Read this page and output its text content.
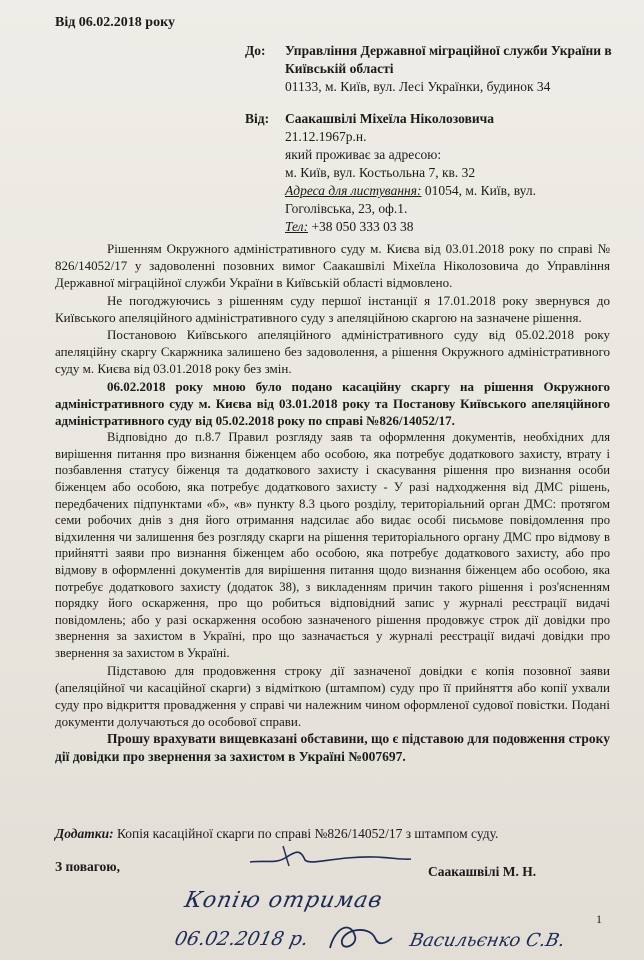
Від 06.02.2018 року
До: Управління Державної міграційної служби України в Київській області
01133, м. Київ, вул. Лесі Українки, будинок 34
Від: Саакашвілі Міхеїла Ніколозовича
21.12.1967р.н.
який проживає за адресою:
м. Київ, вул. Костьольна 7, кв. 32
Адреса для листування: 01054, м. Київ, вул. Гоголівська, 23, оф.1.
Тел: +38 050 333 03 38

Рішенням Окружного адміністративного суду м. Києва від 03.01.2018 року по справі № 826/14052/17 у задоволенні позовних вимог Саакашвілі Міхеїла Ніколозовича до Управління Державної міграційної служби України в Київській області відмовлено.

Не погоджуючись з рішенням суду першої інстанції я 17.01.2018 року звернувся до Київського апеляційного адміністративного суду з апеляційною скаргою на зазначене рішення.

Постановою Київського апеляційного адміністративного суду від 05.02.2018 року апеляційну скаргу Скаржника залишено без задоволення, а рішення Окружного адміністративного суду м. Києва від 03.01.2018 року без змін.

06.02.2018 року мною було подано касаційну скаргу на рішення Окружного адміністративного суду м. Києва від 03.01.2018 року та Постанову Київського апеляційного адміністративного суду від 05.02.2018 року по справі №826/14052/17.

Відповідно до п.8.7 Правил розгляду заяв та оформлення документів, необхідних для вирішення питання про визнання біженцем або особою, яка потребує додаткового захисту, втрату і позбавлення статусу біженця та додаткового захисту і скасування рішення про визнання особи біженцем або особою, яка потребує додаткового захисту - У разі надходження від ДМС рішень, передбачених підпунктами «б», «в» пункту 8.3 цього розділу, територіальний орган ДМС: протягом семи робочих днів з дня його отримання надсилає або видає особі письмове повідомлення про відхилення чи залишення без розгляду скарги на рішення територіального органу ДМС про відмову в прийнятті заяви про визнання біженцем або особою, яка потребує додаткового захисту, або про відмову в оформленні документів для вирішення питання щодо визнання біженцем або особою, яка потребує додаткового захисту (додаток 38), з викладенням причин такого рішення і роз'ясненням порядку його оскарження, про що робиться відповідний запис у журналі реєстрації видачі повідомлень; або у разі оскарження особою зазначеного рішення продовжує строк дії довідки про звернення за захистом в Україні, про що зазначається у журналі реєстрації видачі довідки про звернення за захистом в Україні.

Підставою для продовження строку дії зазначеної довідки є копія позовної заяви (апеляційної чи касаційної скарги) з відміткою (штампом) суду про її прийняття або копії ухвали суду про відкриття провадження у справі чи належним чином оформленої судової повістки. Подані документи долучаються до особової справи.

Прошу врахувати вищевказані обставини, що є підставою для подовження строку дії довідки про звернення за захистом в Україні №007697.

Додатки: Копія касаційної скарги по справі №826/14052/17 з штампом суду.
З повагою,	Саакашвілі М. Н.
Копію отримав
06.02.2018 р.	Васильєнко С.В.
1
